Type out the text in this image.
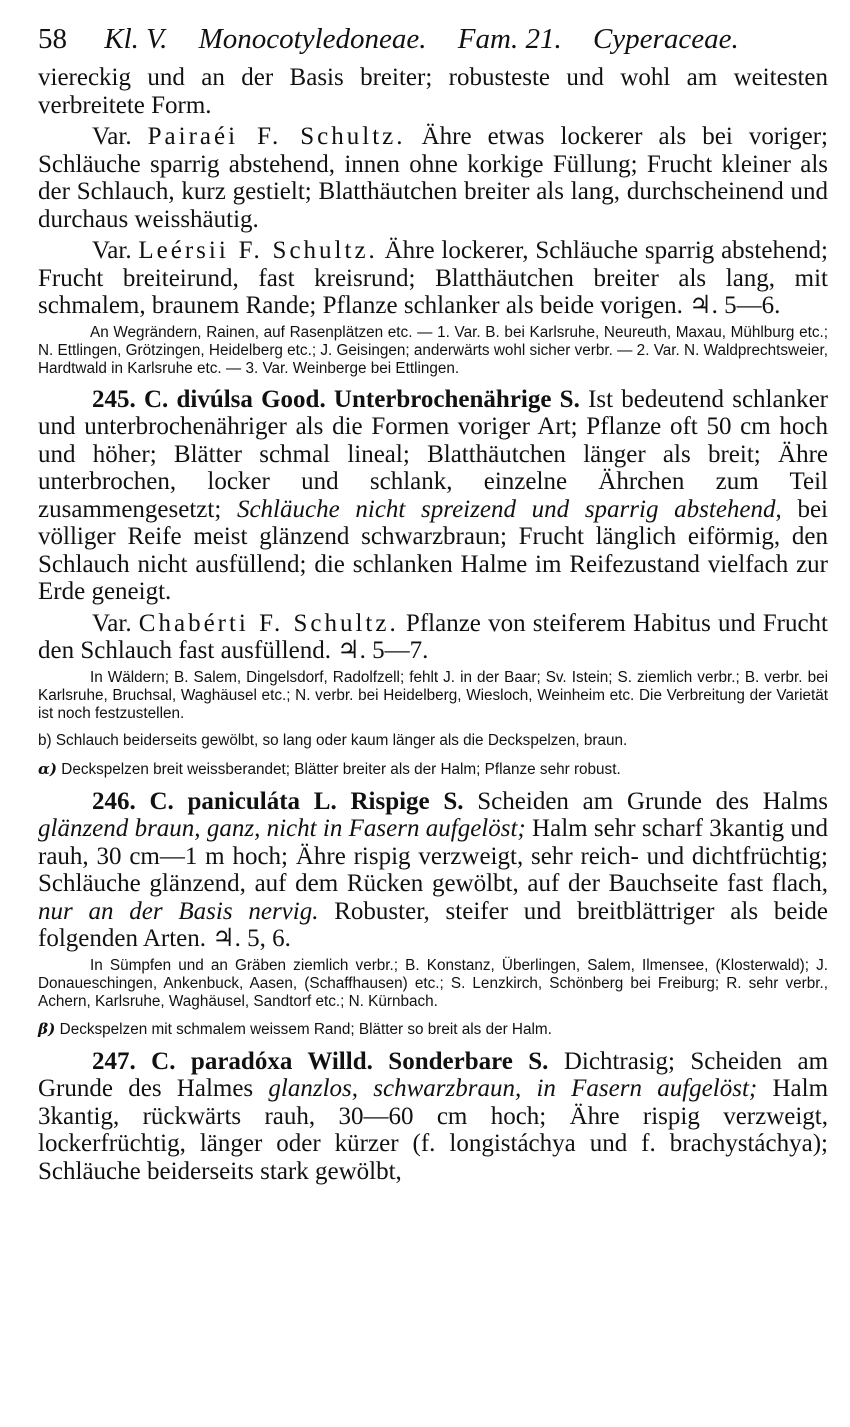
58 Kl. V. Monocotyledoneae. Fam. 21. Cyperaceae.

viereckig und an der Basis breiter; robusteste und wohl am weitesten verbreitete Form.

Var. Pairaéi F. Schultz. Ähre etwas lockerer als bei voriger; Schläuche sparrig abstehend, innen ohne korkige Füllung; Frucht kleiner als der Schlauch, kurz gestielt; Blatthäutchen breiter als lang, durchscheinend und durchaus weisshäutig.

Var. Leérsii F. Schultz. Ähre lockerer, Schläuche sparrig abstehend; Frucht breiteirund, fast kreisrund; Blatthäutchen breiter als lang, mit schmalem, braunem Rande; Pflanze schlanker als beide vorigen. ♃. 5—6.

An Wegrändern, Rainen, auf Rasenplätzen etc. — 1. Var. B. bei Karlsruhe, Neureuth, Maxau, Mühlburg etc.; N. Ettlingen, Grötzingen, Heidelberg etc.; J. Geisingen; anderwärts wohl sicher verbr. — 2. Var. N. Waldprechtsweier, Hardtwald in Karlsruhe etc. — 3. Var. Weinberge bei Ettlingen.

245. C. divúlsa Good. Unterbrochenährige S. Ist bedeutend schlanker und unterbrochenähriger als die Formen voriger Art; Pflanze oft 50 cm hoch und höher; Blätter schmal lineal; Blatthäutchen länger als breit; Ähre unterbrochen, locker und schlank, einzelne Ährchen zum Teil zusammengesetzt; Schläuche nicht spreizend und sparrig abstehend, bei völliger Reife meist glänzend schwarzbraun; Frucht länglich eiförmig, den Schlauch nicht ausfüllend; die schlanken Halme im Reifezustand vielfach zur Erde geneigt.

Var. Chabérti F. Schultz. Pflanze von steiferem Habitus und Frucht den Schlauch fast ausfüllend. ♃. 5—7.

In Wäldern; B. Salem, Dingelsdorf, Radolfzell; fehlt J. in der Baar; Sv. Istein; S. ziemlich verbr.; B. verbr. bei Karlsruhe, Bruchsal, Waghäusel etc.; N. verbr. bei Heidelberg, Wiesloch, Weinheim etc. Die Verbreitung der Varietät ist noch festzustellen.

b) Schlauch beiderseits gewölbt, so lang oder kaum länger als die Deckspelzen, braun.
α) Deckspelzen breit weissberandet; Blätter breiter als der Halm; Pflanze sehr robust.

246. C. paniculáta L. Rispige S. Scheiden am Grunde des Halms glänzend braun, ganz, nicht in Fasern aufgelöst; Halm sehr scharf 3kantig und rauh, 30 cm—1 m hoch; Ähre rispig verzweigt, sehr reich- und dichtfrüchtig; Schläuche glänzend, auf dem Rücken gewölbt, auf der Bauchseite fast flach, nur an der Basis nervig. Robuster, steifer und breitblättriger als beide folgenden Arten. ♃. 5, 6.

In Sümpfen und an Gräben ziemlich verbr.; B. Konstanz, Überlingen, Salem, Ilmensee, (Klosterwald); J. Donaueschingen, Ankenbuck, Aasen, (Schaffhausen) etc.; S. Lenzkirch, Schönberg bei Freiburg; R. sehr verbr., Achern, Karlsruhe, Waghäusel, Sandtorf etc.; N. Kürnbach.

β) Deckspelzen mit schmalem weissem Rand; Blätter so breit als der Halm.

247. C. paradóxa Willd. Sonderbare S. Dichtrasig; Scheiden am Grunde des Halmes glanzlos, schwarzbraun, in Fasern aufgelöst; Halm 3kantig, rückwärts rauh, 30—60 cm hoch; Ähre rispig verzweigt, lockerfrüchtig, länger oder kürzer (f. longistáchya und f. brachystáchya); Schläuche beiderseits stark gewölbt,
